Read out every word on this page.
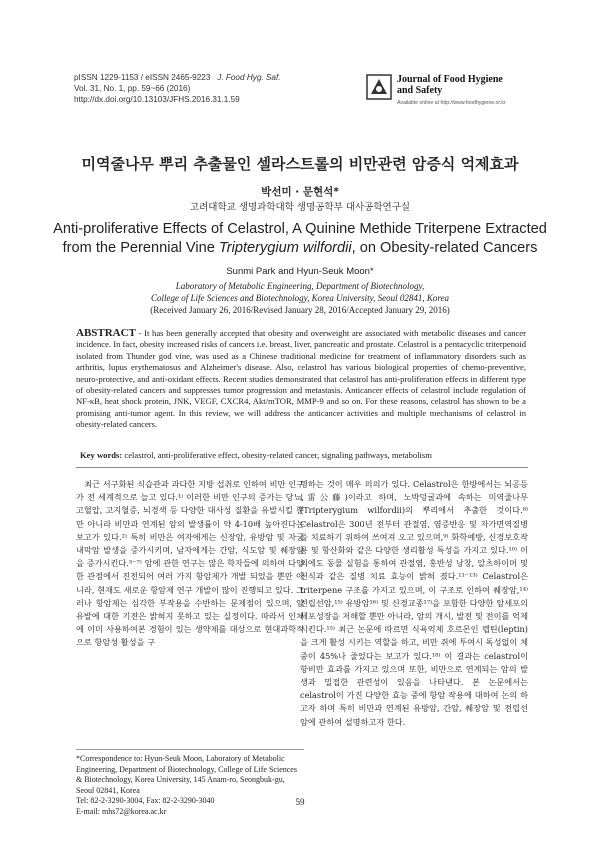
pISSN 1229-1153 / eISSN 2465-9223 J. Food Hyg. Saf.
Vol. 31, No. 1, pp. 59~66 (2016)
http://dx.doi.org/10.13103/JFHS.2016.31.1.59
Journal of Food Hygiene
and Safety
Available online at http://www.foodhygiene.or.kr
미역줄나무 뿌리 추출물인 셀라스트롤의 비만관련 암증식 억제효과
박선미 · 문현석*
고려대학교 생명과학대학 생명공학부 대사공학연구실
Anti-proliferative Effects of Celastrol, A Quinine Methide Triterpene Extracted
from the Perennial Vine Tripterygium wilfordii, on Obesity-related Cancers
Sunmi Park and Hyun-Seuk Moon*
Laboratory of Metabolic Engineering, Department of Biotechnology,
College of Life Sciences and Biotechnology, Korea University, Seoul 02841, Korea
(Received January 26, 2016/Revised January 28, 2016/Accepted January 29, 2016)
ABSTRACT - It has been generally accepted that obesity and overweight are associated with metabolic diseases and cancer incidence. In fact, obesity increased risks of cancers i.e. breast, liver, pancreatic and prostate. Celastrol is a pentacyclic triterpenoid isolated from Thunder god vine, was used as a Chinese traditional medicine for treatment of inflammatory disorders such as arthritis, lupus erythematosus and Alzheimer's disease. Also, celastrol has various biological properties of chemo-preventive, neuro-protective, and anti-oxidant effects. Recent studies demonstrated that celastrol has anti-proliferation effects in different type of obesity-related cancers and suppresses tumor progression and metastasis. Anticancer effects of celastrol include regulation of NF-κB, heat shock protein, JNK, VEGF, CXCR4, Akt/mTOR, MMP-9 and so on. For these reasons, celastrol has shown to be a promising anti-tumor agent. In this review, we will address the anticancer activities and multiple mechanisms of celastrol in obesity-related cancers.
Key words: celastrol, anti-proliferative effect, obesity-related cancer, signaling pathways, metabolism

최근 서구화된 식습관과 과다한 지방 섭취로 인하여 비만 인구가 전 세계적으로 늘고 있다.¹⁾ 이러한 비만 인구의 증가는 당뇨, 고혈압, 고지혈증, 뇌경색 등 다양한 대사성 질환을 유발시킬 뿐만 아니라 비만과 연계된 암의 발생률이 약 4-10배 높아진다는 보고가 있다.²⁾ 특히 비만은 여자에게는 신장암, 유방암 및 자궁내막암 발생을 증가시키며, 남자에게는 간암, 식도암 및 췌장암을 증가시킨다.³⁻⁷⁾ 암에 관한 연구는 많은 학자들에 의하여 다양한 관점에서 진전되어 여러 가지 항암제가 개발 되었을 뿐만 아니라, 현재도 새로운 항암제 연구 개발이 많이 진행되고 있다. 그러나 항암제는 심각한 부작용을 수반하는 문제점이 있으며, 암 유발에 대한 기전은 밝혀지 못하고 있는 실정이다. 따라서 인체에 이미 사용하여본 경험이 있는 생약제를 대상으로 현대과학적으로 항암성 활성을 구

명하는 것이 매우 의의가 있다. Celastrol은 한방에서는 뇌공등(雷公藤)이라고 하며, 노박덩굴과에 속하는 미역줄나무(Tripterygium wilfordii)의 뿌리에서 추출한 것이다.⁸⁾ Celastrol은 300년 전부터 관절염, 염증반응 및 자가면역질병을 치료하기 위하여 쓰여져 오고 있으며,⁹⁾ 화학예방, 신경보호작용 및 항산화와 같은 다양한 생리활성 특성을 가지고 있다.¹⁰⁾ 이 외에도 동물 실험을 통하여 관절염, 홍반성 낭창, 알츠하이머 및 천식과 같은 질병 치료 효능이 밝혀 졌다.¹¹⁻¹³⁾ Celastrol은 triterpene 구조를 가지고 있으며, 이 구조로 인하여 췌장암,¹⁴⁾ 전립선암,¹⁵⁾ 유방암¹⁶⁾ 및 신경교종¹⁷⁾을 포함한 다양한 암세포의 세포성장을 저해할 뿐만 아니라, 암의 개시, 발전 및 전이를 억제시킨다.¹⁵⁾ 최근 논문에 따르면 식욕억제 호르몬인 렙틴(leptin)을 크게 활성 시키는 역할을 하고, 비만 쥐에 투여시 독성없이 체중이 45%나 줄었다는 보고가 있다.¹⁸⁾ 이 결과는 celastrol이 항비만 효과를 가지고 있으며 또한, 비만으로 연계되는 암의 발생과 밀접한 관련성이 있음을 나타낸다. 본 논문에서는 celastrol이 가진 다양한 효능 중에 항암 작용에 대하여 논의 하고자 하며 특히 비만과 연계된 유방암, 간암, 췌장암 및 전립선 암에 관하여 설명하고자 한다.

*Correspondence to: Hyun-Seuk Moon, Laboratory of Metabolic Engineering, Department of Biotechnology, College of Life Sciences & Biotechnology, Korea University, 145 Anam-ro, Seongbuk-gu, Seoul 02841, Korea
Tel: 82-2-3290-3004, Fax: 82-2-3290-3040
E-mail: mhs72@korea.ac.kr
59
